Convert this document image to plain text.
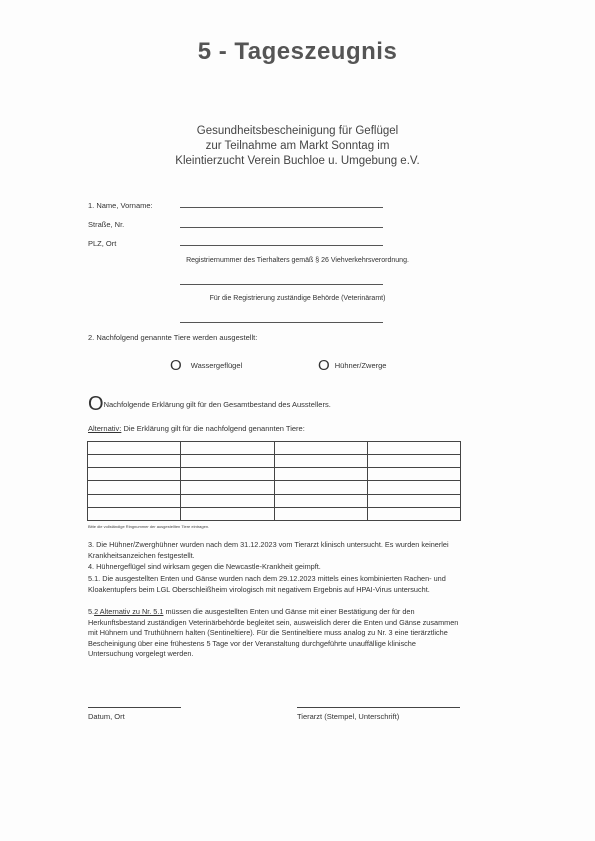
5 - Tageszeugnis
Gesundheitsbescheinigung für Geflügel
zur Teilnahme am Markt Sonntag im
Kleintierzucht Verein Buchloe u. Umgebung e.V.
1. Name, Vorname:
Straße, Nr.
PLZ, Ort
Registriernummer des Tierhalters gemäß § 26 Viehverkehrsverordnung.
Für die Registrierung zuständige Behörde (Veterinäramt)
2. Nachfolgend genannte Tiere werden ausgestellt:
O Wassergeflügel	O Hühner/Zwerge
ONachfolgende Erklärung gilt für den Gesamtbestand des Ausstellers.
Alternativ: Die Erklärung gilt für die nachfolgend genannten Tiere:

Bitte die vollständige Ringnummer der ausgestellten Tiere eintragen.
3. Die Hühner/Zwerghühner wurden nach dem 31.12.2023 vom Tierarzt klinisch untersucht. Es wurden keinerlei Krankheitsanzeichen festgestellt.
4. Hühnergeflügel sind wirksam gegen die Newcastle-Krankheit geimpft.
5.1. Die ausgestellten Enten und Gänse wurden nach dem 29.12.2023 mittels eines kombinierten Rachen- und Kloakentupfers beim LGL Oberschleißheim virologisch mit negativem Ergebnis auf HPAI-Virus untersucht.
5.2 Alternativ zu Nr. 5.1 müssen die ausgestellten Enten und Gänse mit einer Bestätigung der für den Herkunftsbestand zuständigen Veterinärbehörde begleitet sein, ausweislich derer die Enten und Gänse zusammen mit Hühnern und Truthühnern halten (Sentineltiere). Für die Sentineltiere muss analog zu Nr. 3 eine tierärztliche Bescheinigung über eine frühestens 5 Tage vor der Veranstaltung durchgeführte unauffällige klinische Untersuchung vorgelegt werden.
Datum, Ort	Tierarzt (Stempel, Unterschrift)
